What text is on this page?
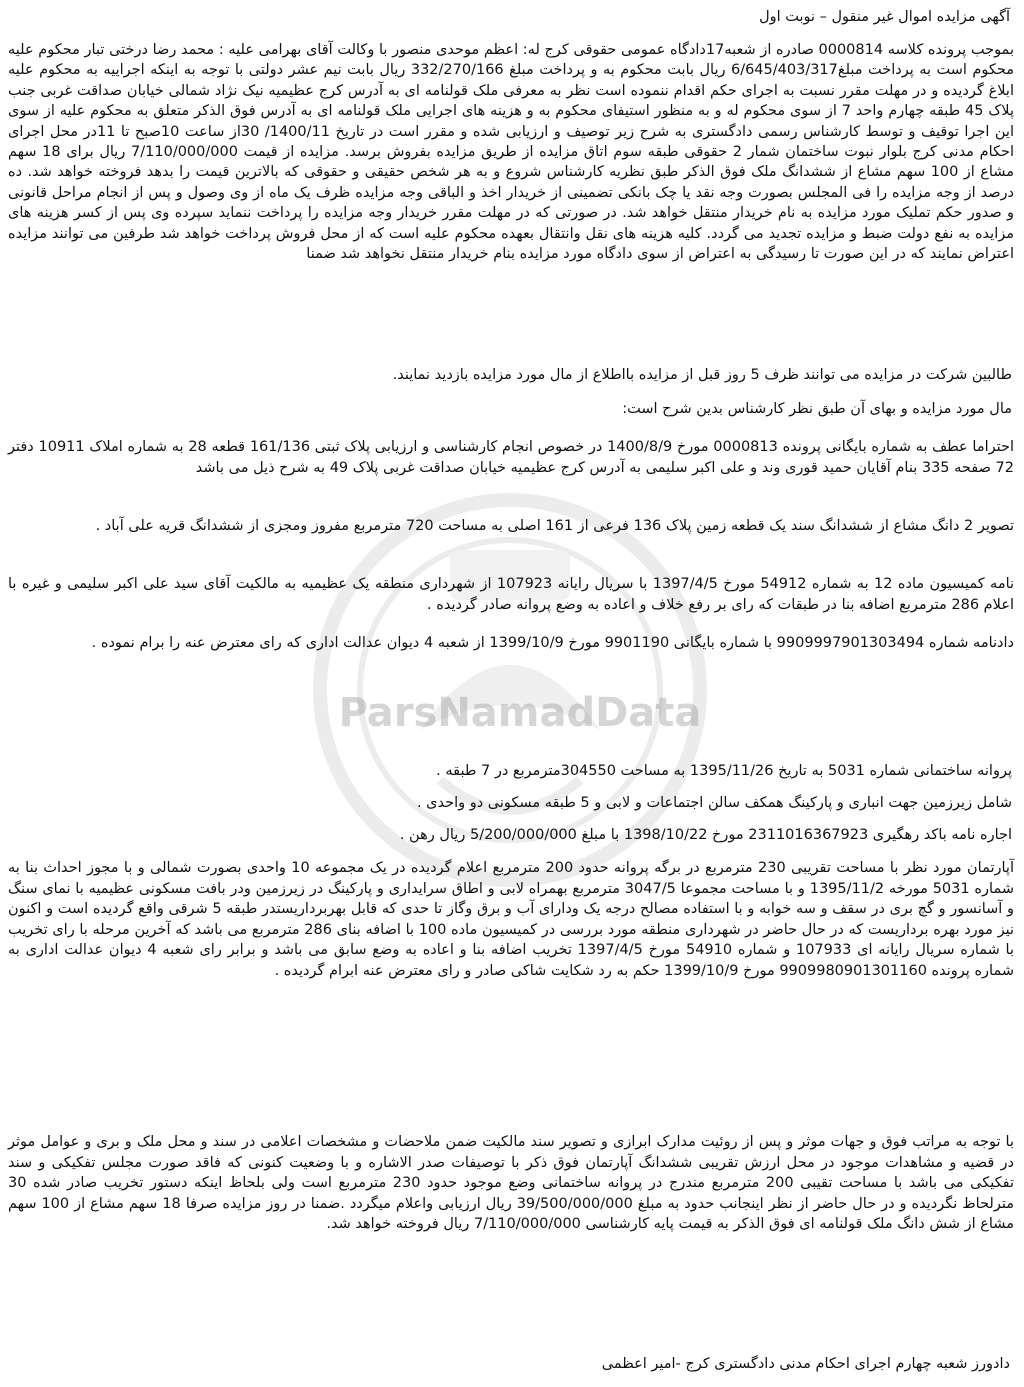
ParsNamadData
آگهی مزایده اموال غیر منقول – نوبت اول

بموجب پرونده کلاسه 0000814 صادره از شعبه17دادگاه عمومی حقوقی کرج له: اعظم موحدی منصور با وکالت آقای بهرامی علیه : محمد رضا درختی تبار محکوم علیه محکوم است به پرداخت مبلغ6/645/403/317 ریال بابت محکوم به و پرداخت مبلغ 332/270/166 ریال بابت نیم عشر دولتی با توجه به اینکه اجراییه به محکوم علیه ابلاغ گردیده و در مهلت مقرر نسبت به اجرای حکم اقدام ننموده است نظر به معرفی ملک قولنامه ای به آدرس کرج عظیمیه نیک نژاد شمالی خیابان صداقت غربی جنب پلاک 45 طبقه چهارم واحد 7 از سوی محکوم له و به منظور استیفای محکوم به و هزینه های اجرایی ملک قولنامه ای به آدرس فوق الذکر متعلق به محکوم علیه از سوی این اجرا توقیف و توسط کارشناس رسمی دادگستری به شرح زیر توصیف و ارزیابی شده و مقرر است در تاریخ 1400/11/ 30از ساعت 10صبح تا 11در محل اجرای احکام مدنی کرج بلوار نبوت ساختمان شمار 2 حقوقی طبقه سوم اتاق مزایده از طریق مزایده بفروش برسد. مزایده از قیمت 7/110/000/000 ریال برای 18 سهم مشاع از 100 سهم مشاع از ششدانگ ملک فوق الذکر طبق نظریه کارشناس شروع و به هر شخص حقیقی و حقوقی که بالاترین قیمت را بدهد فروخته خواهد شد. ده درصد از وجه مزایده را فی المجلس بصورت وجه نقد یا چک بانکی تضمینی از خریدار اخذ و الباقی وجه مزایده ظرف یک ماه از وی وصول و پس از انجام مراحل قانونی و صدور حکم تملیک مورد مزایده به نام خریدار منتقل خواهد شد. در صورتی که در مهلت مقرر خریدار وجه مزایده را پرداخت ننماید سپرده وی پس از کسر هزینه های مزایده به نفع دولت ضبط و مزایده تجدید می گردد. کلیه هزینه های نقل وانتقال بعهده محکوم علیه است که از محل فروش پرداخت خواهد شد طرفین می توانند مزایده اعتراض نمایند که در این صورت تا رسیدگی به اعتراض از سوی دادگاه مورد مزایده بنام خریدار منتقل نخواهد شد ضمنا

طالبین شرکت در مزایده می توانند ظرف 5 روز قبل از مزایده بااطلاع از مال مورد مزایده بازدید نمایند.
مال مورد مزایده و بهای آن طبق نظر کارشناس بدین شرح است:

احتراما عطف به شماره بایگانی پرونده 0000813 مورخ 1400/8/9 در خصوص انجام کارشناسی و ارزیابی پلاک ثبتی 161/136 قطعه 28 به شماره املاک 10911 دفتر 72 صفحه 335 بنام آقایان حمید قوری وند و علی اکبر سلیمی به آدرس کرج عظیمیه خیابان صداقت غربی پلاک 49 به شرح ذیل می باشد

تصویر 2 دانگ مشاع از ششدانگ سند یک قطعه زمین پلاک 136 فرعی از 161 اصلی به مساحت 720 مترمربع مفروز ومجزی از ششدانگ قریه علی آباد .

نامه کمیسیون ماده 12 به شماره 54912 مورخ 1397/4/5 با سریال رایانه 107923 از شهرداری منطقه یک عظیمیه به مالکیت آقای سید علی اکبر سلیمی و غیره با اعلام 286 مترمربع اضافه بنا در طبقات که رای بر رفع خلاف و اعاده به وضع پروانه صادر گردیده .

دادنامه شماره 9909997901303494 با شماره بایگانی 9901190 مورخ 1399/10/9 از شعبه 4 دیوان عدالت اداری که رای معترض عنه را برام نموده .

پروانه ساختمانی شماره 5031 به تاریخ 1395/11/26 به مساحت 304550مترمربع در 7 طبقه .
شامل زیرزمین جهت انباری و پارکینگ همکف سالن اجتماعات و لابی و 5 طبقه مسکونی دو واحدی .
اجاره نامه باکد رهگیری 2311016367923 مورخ 1398/10/22 با مبلغ 5/200/000/000 ریال رهن .

آپارتمان مورد نظر با مساحت تقریبی 230 مترمربع در برگه پروانه حدود 200 مترمربع اعلام گردیده در یک مجموعه 10 واحدی بصورت شمالی و با مجوز احداث بنا به شماره 5031 مورخه 1395/11/2 و با مساحت مجموعا 3047/5 مترمربع بهمراه لابی و اطاق سرایداری و پارکینگ در زیرزمین ودر بافت مسکونی عظیمیه با نمای سنگ و آسانسور و گچ بری در سقف و سه خوابه و با استفاده مصالح درجه یک ودارای آب و برق وگاز تا حدی که قابل بهربرداریستدر طبقه 5 شرقی واقع گردیده است و اکنون نیز مورد بهره برداریست که در حال حاضر در شهرداری منطقه مورد بررسی در کمیسیون ماده 100 با اضافه بنای 286 مترمربع می باشد که آخرین مرحله با رای تخریب با شماره سریال رایانه ای 107933 و شماره 54910 مورخ 1397/4/5 تخریب اضافه بنا و اعاده به وضع سابق می باشد و برابر رای شعبه 4 دیوان عدالت اداری به شماره پرونده 9909980901301160 مورخ 1399/10/9 حکم به رد شکایت شاکی صادر و رای معترض عنه ابرام گردیده .

با توجه به مراتب فوق و جهات موثر و پس از روئیت مدارک ابرازی و تصویر سند مالکیت ضمن ملاحضات و مشخصات اعلامی در سند و محل ملک و بری و عوامل موثر در قضیه و مشاهدات موجود در محل ارزش تقریبی ششدانگ آپارتمان فوق ذکر با توصیفات صدر الاشاره و با وضعیت کنونی که فاقد صورت مجلس تفکیکی و سند تفکیکی می باشد با مساحت تقیبی 200 مترمربع مندرج در پروانه ساختمانی وضع موجود حدود 230 مترمربع است ولی بلحاظ اینکه دستور تخریب صادر شده 30 مترلحاظ نگردیده و در حال حاضر از نظر اینجانب حدود به مبلغ 39/500/000/000 ریال ارزیابی واعلام میگردد .ضمنا در روز مزایده صرفا 18 سهم مشاع از 100 سهم مشاع از شش دانگ ملک قولنامه ای فوق الذکر به قیمت پایه کارشناسی 7/110/000/000 ریال فروخته خواهد شد.

دادورز شعبه چهارم اجرای احکام مدنی دادگستری کرج -امیر اعظمی
